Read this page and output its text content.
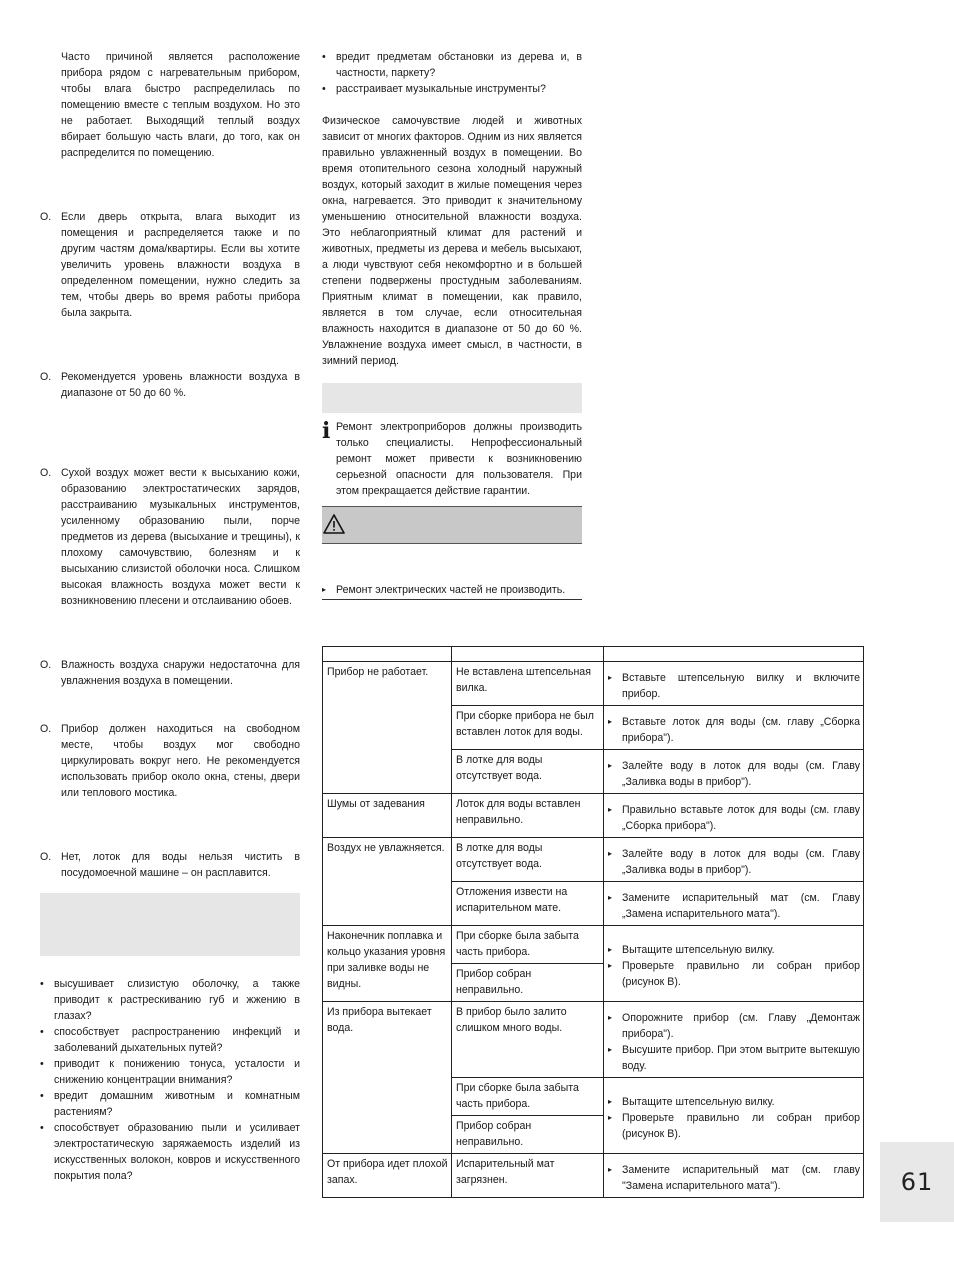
Часто причиной является расположение прибора рядом с нагревательным прибором, чтобы влага быстро распределилась по помещению вместе с теплым воздухом. Но это не работает. Выходящий теплый воздух вбирает большую часть влаги, до того, как он распределится по помещению.
О. Если дверь открыта, влага выходит из помещения и распределяется также и по другим частям дома/квартиры. Если вы хотите увеличить уровень влажности воздуха в определенном помещении, нужно следить за тем, чтобы дверь во время работы прибора была закрыта.
О. Рекомендуется уровень влажности воздуха в диапазоне от 50 до 60 %.
О. Сухой воздух может вести к высыханию кожи, образованию электростатических зарядов, расстраиванию музыкальных инструментов, усиленному образованию пыли, порче предметов из дерева (высыхание и трещины), к плохому самочувствию, болезням и к высыханию слизистой оболочки носа. Слишком высокая влажность воздуха может вести к возникновению плесени и отслаиванию обоев.
О. Влажность воздуха снаружи недостаточна для увлажнения воздуха в помещении.
О. Прибор должен находиться на свободном месте, чтобы воздух мог свободно циркулировать вокруг него. Не рекомендуется использовать прибор около окна, стены, двери или теплового мостика.
О. Нет, лоток для воды нельзя чистить в посудомоечной машине – он расплавится.
• высушивает слизистую оболочку, а также приводит к растрескиванию губ и жжению в глазах?
• способствует распространению инфекций и заболеваний дыхательных путей?
• приводит к понижению тонуса, усталости и снижению концентрации внимания?
• вредит домашним животным и комнатным растениям?
• способствует образованию пыли и усиливает электростатическую заряжаемость изделий из искусственных волокон, ковров и искусственного покрытия пола?
• вредит предметам обстановки из дерева и, в частности, паркету?
• расстраивает музыкальные инструменты?
Физическое самочувствие людей и животных зависит от многих факторов. Одним из них является правильно увлажненный воздух в помещении. Во время отопительного сезона холодный наружный воздух, который заходит в жилые помещения через окна, нагревается. Это приводит к значительному уменьшению относительной влажности воздуха. Это неблагоприятный климат для растений и животных, предметы из дерева и мебель высыхают, а люди чувствуют себя некомфортно и в большей степени подвержены простудным заболеваниям. Приятным климат в помещении, как правило, является в том случае, если относительная влажность находится в диапазоне от 50 до 60 %. Увлажнение воздуха имеет смысл, в частности, в зимний период.
i Ремонт электроприборов должны производить только специалисты. Непрофессиональный ремонт может привести к возникновению серьезной опасности для пользователя. При этом прекращается действие гарантии.
▸ Ремонт электрических частей не производить.

Прибор не работает.	Не вставлена штепсельная вилка.	▸ Вставьте штепсельную вилку и включите прибор.

	При сборке прибора не был вставлен лоток для воды.	▸ Вставьте лоток для воды (см. главу „Сборка прибора").

	В лотке для воды отсутствует вода.	▸ Залейте воду в лоток для воды (см. Главу „Заливка воды в прибор").

Шумы от задевания	Лоток для воды вставлен неправильно.	▸ Правильно вставьте лоток для воды (см. главу „Сборка прибора").

Воздух не увлажняется.	В лотке для воды отсутствует вода.	▸ Залейте воду в лоток для воды (см. Главу „Заливка воды в прибор").

	Отложения извести на испарительном мате.	▸ Замените испарительный мат (см. Главу „Замена испарительного мата").

Наконечник поплавка и кольцо указания уровня при заливке воды не видны.	При сборке была забыта часть прибора.	▸ Вытащите штепсельную вилку.
▸ Проверьте правильно ли собран прибор (рисунок B).

	Прибор собран неправильно.	
Из прибора вытекает вода.	В прибор было залито слишком много воды.	▸ Опорожните прибор (см. Главу „Демонтаж прибора").
▸ Высушите прибор. При этом вытрите вытекшую воду.

	При сборке была забыта часть прибора.	▸ Вытащите штепсельную вилку.
▸ Проверьте правильно ли собран прибор (рисунок B).

	Прибор собран неправильно.	
От прибора идет плохой запах.	Испарительный мат загрязнен.	▸ Замените испарительный мат (см. главу "Замена испарительного мата").	61
